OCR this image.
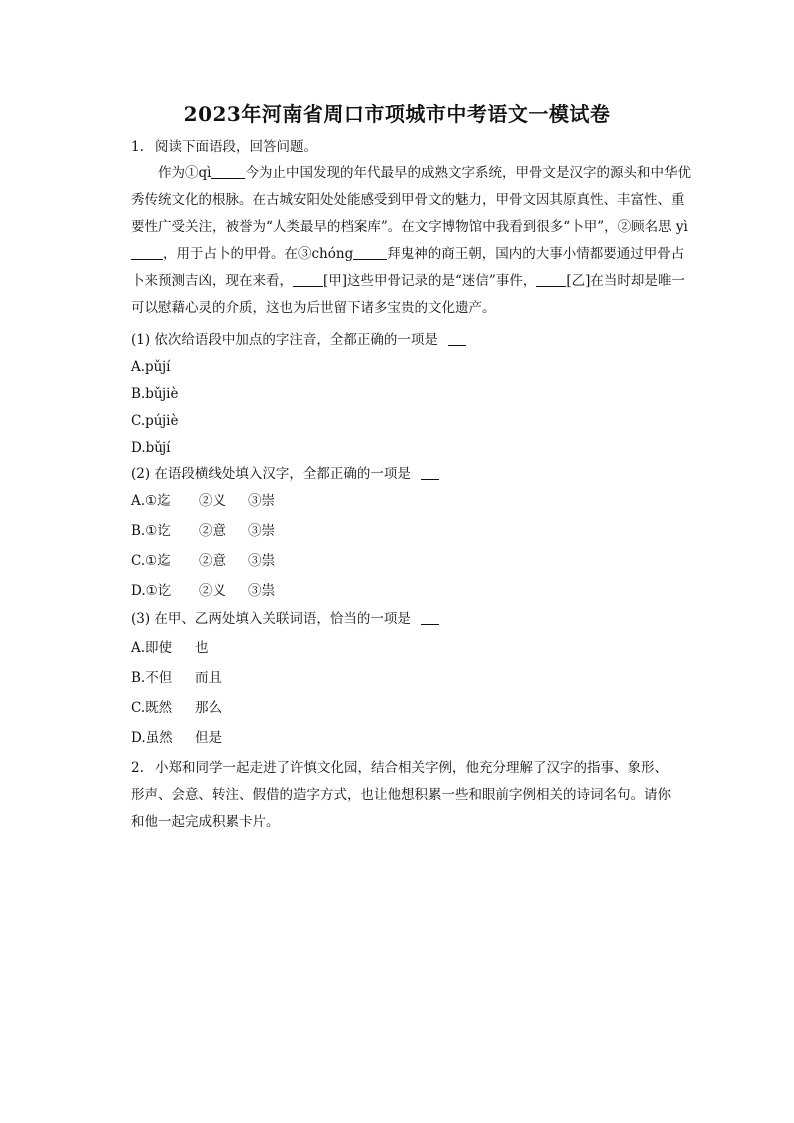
2023年河南省周口市项城市中考语文一模试卷
1. 阅读下面语段，回答问题。
作为①qì	今为止中国发现的年代最早的成熟文字系统，甲骨文是汉字的源头和中华优秀传统文化的根脉。在古城安阳处处能感受到甲骨文的魅力，甲骨文因其原真性、丰富性、重要性广受关注，被誉为“人类最早的档案库”。在文字博物馆中我看到很多“卜甲”，②顾名思 yì，用于占卜的甲骨。在③chóng	拜鬼神的商王朝，国内的大事小情都要通过甲骨占卜来预测吉凶，现在来看， [甲]这些甲骨记录的是“迷信”事件， [乙]在当时却是唯一可以慰藉心灵的介质，这也为后世留下诸多宝贵的文化遗产。
(1) 依次给语段中加点的字注音，全都正确的一项是
A.pǔjí
B.bǔjiè
C.pújiè
D.bǔjí
(2) 在语段横线处填入汉字，全都正确的一项是
A.①迄 ②义 ③崇
B.①讫 ②意 ③崇
C.①迄 ②意 ③祟
D.①讫 ②义 ③祟
(3) 在甲、乙两处填入关联词语，恰当的一项是
A.即使 也
B.不但 而且
C.既然 那么
D.虽然 但是
2. 小郑和同学一起走进了许慎文化园，结合相关字例，他充分理解了汉字的指事、象形、
形声、会意、转注、假借的造字方式，也让他想积累一些和眼前字例相关的诗词名句。请你
和他一起完成积累卡片。
